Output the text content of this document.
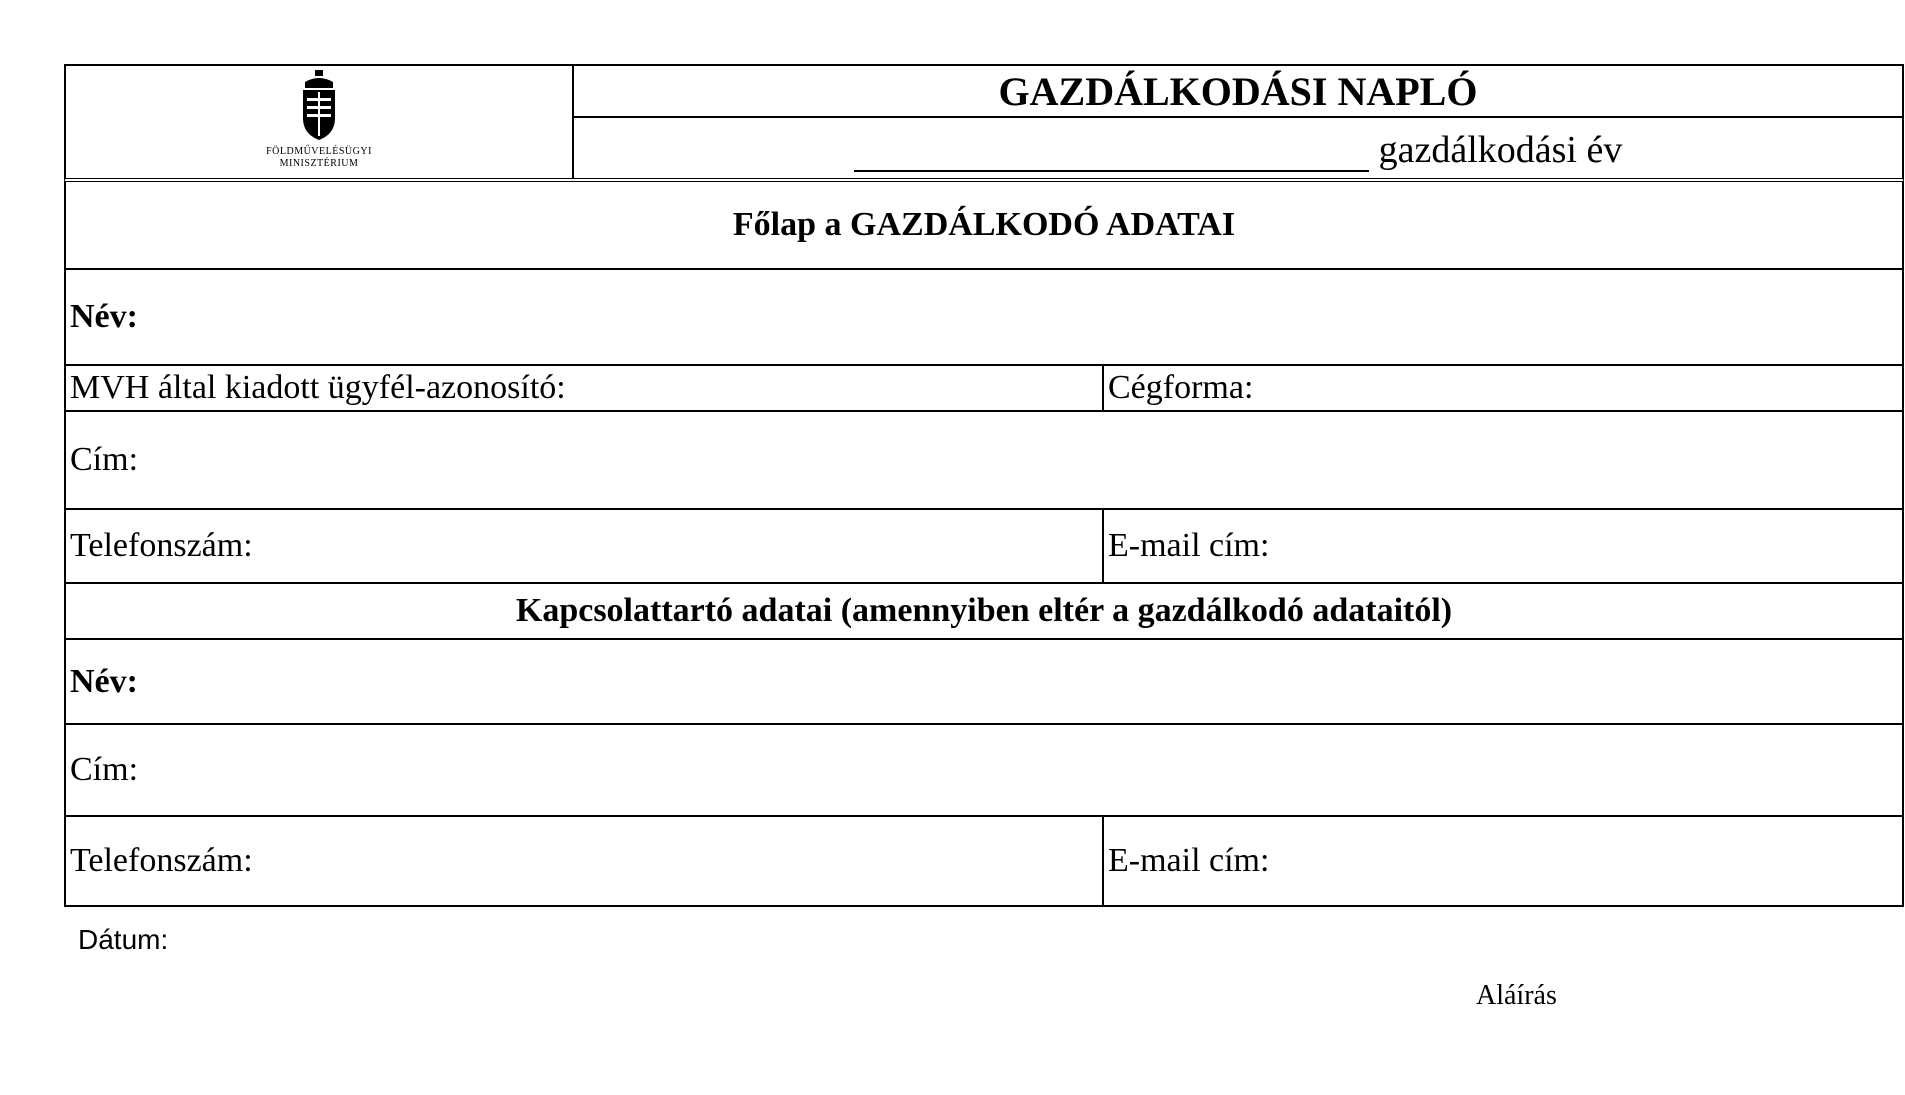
FÖLDMŰVELÉSÜGYI
MINISZTÉRIUM
GAZDÁLKODÁSI NAPLÓ
gazdálkodási év
Főlap a GAZDÁLKODÓ ADATAI
Név:
MVH által kiadott ügyfél-azonosító:	Cégforma:
Cím:
Telefonszám:	E-mail cím:
Kapcsolattartó adatai (amennyiben eltér a gazdálkodó adataitól)
Név:
Cím:
Telefonszám:	E-mail cím:
Dátum:
Aláírás
